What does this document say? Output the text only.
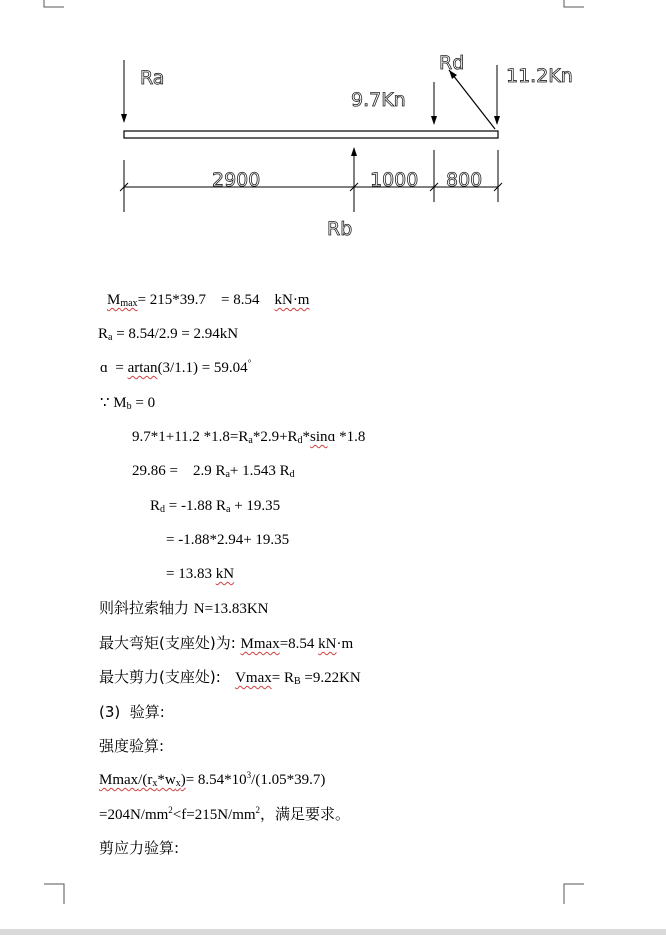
Ra
Rd
9.7Kn
11.2Kn
2900	1000 800
Rb
$M_{max}= 215*39.7$    = 8.54    kN·m
$R_a = 8.54/2.9 = 2.94kN$
ɑ  = artan(3/1.1) = 59.04°
∵ $M_b = 0$
9.7*1+11.2 $*1.8=R_a*2.9+R_d*\sin ɑ$ *1.8
29.86 =    2.9 $R_a+ 1.543$ $R_d$
$R_d = -1.88$ $R_a + 19.35$
= -1.88*2.94+ 19.35
= 13.83 kN
则斜拉索轴力 N=13.83KN
最大弯矩(支座处)为: Mmax=8.54 kN·m
最大剪力(支座处):   $Vmax= R_B =9.22KN$
(3)  验算:
强度验算:
Mmax/$(r_x*w_x)= 8.54*10^3/(1.05*39.7)$
$=204N/mm^2<f=215N/mm^2$，满足要求。
剪应力验算:
